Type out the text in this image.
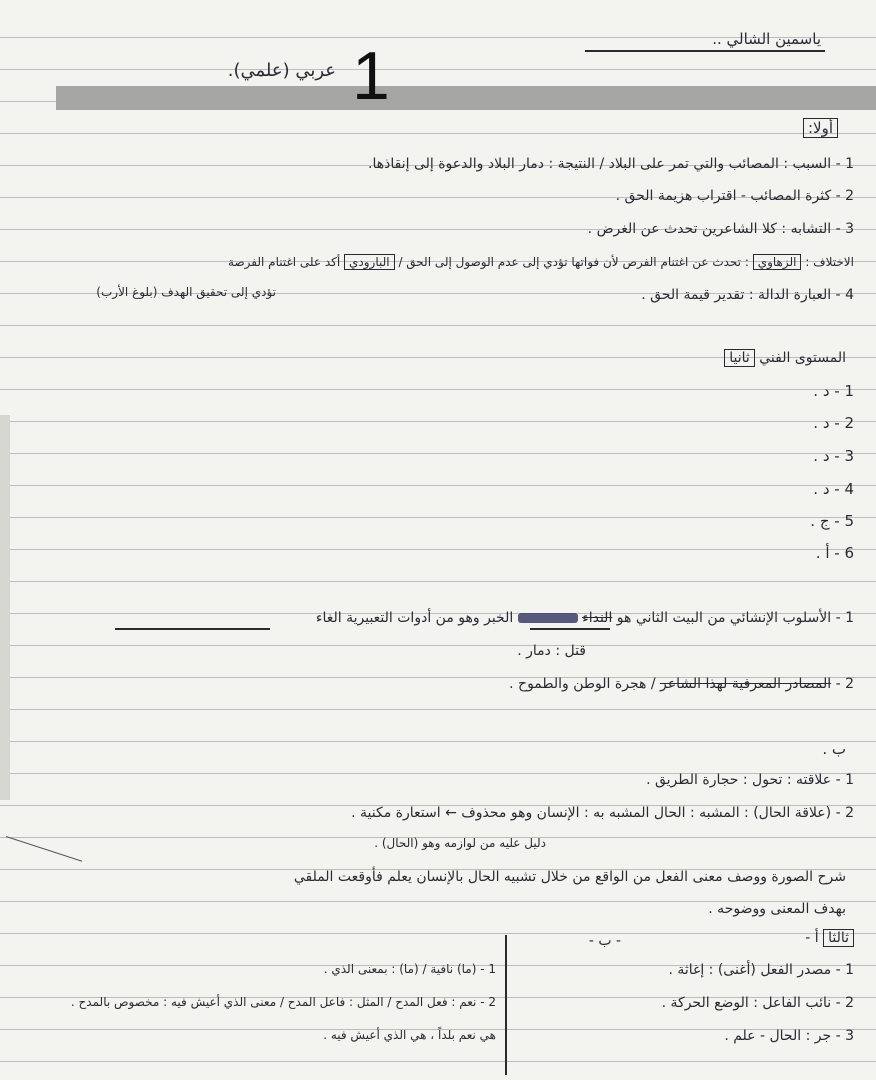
ياسمين الشالي ..
عربي (علمي). 1
أولا:
1 - السبب : المصائب والتي تمر على البلاد / النتيجة : دمار البلاد والدعوة إلى إنقاذها.
2 - كثرة المصائب - اقتراب هزيمة الحق .
3 - التشابه : كلا الشاعرين تحدث عن الغرض .
الاختلاف : الزهاوي : تحدث عن اغتنام الفرص لأن فواتها تؤدي إلى عدم الوصول إلى الحق / البارودي أكد على اغتنام الفرصة
تؤدي إلى تحقيق الهدف (بلوغ الأرب)	4 - العبارة الدالة : تقدير قيمة الحق .
المستوى الفني ثانيا
1 - د .
2 - د .
3 - د .
4 - د .
5 - ج .
6 - أ .
1 - الأسلوب الإنشائي من البيت الثاني هو النداء  الخبر وهو من أدوات التعبيرية الغاء
قتل : دمار .
2 - المصادر المعرفية لهذا الشاعر / هجرة الوطن والطموح .
ب .
1 - علاقته : تحول : حجارة الطريق .
2 - (علاقة الحال) : المشبه : الحال المشبه به : الإنسان وهو محذوف ← استعارة مكنية .
دليل عليه من لوازمه وهو (الحال) .
شرح الصورة ووصف معنى الفعل من الواقع من خلال تشبيه الحال بالإنسان يعلم فأوقعت الملقي
بهدف المعنى ووضوحه .
ثالثا أ -
- ب -
1 - مصدر الفعل (أغنى) : إغاثة .
2 - نائب الفاعل : الوضع الحركة .
3 - جر : الحال - علم .
1 - (ما) نافية / (ما) : بمعنى الذي .
2 - نعم : فعل المدح / المثل : فاعل المدح / معنى الذي أعيش فيه : مخصوص بالمدح .
هي نعم بلداً ، هي الذي أعيش فيه .
